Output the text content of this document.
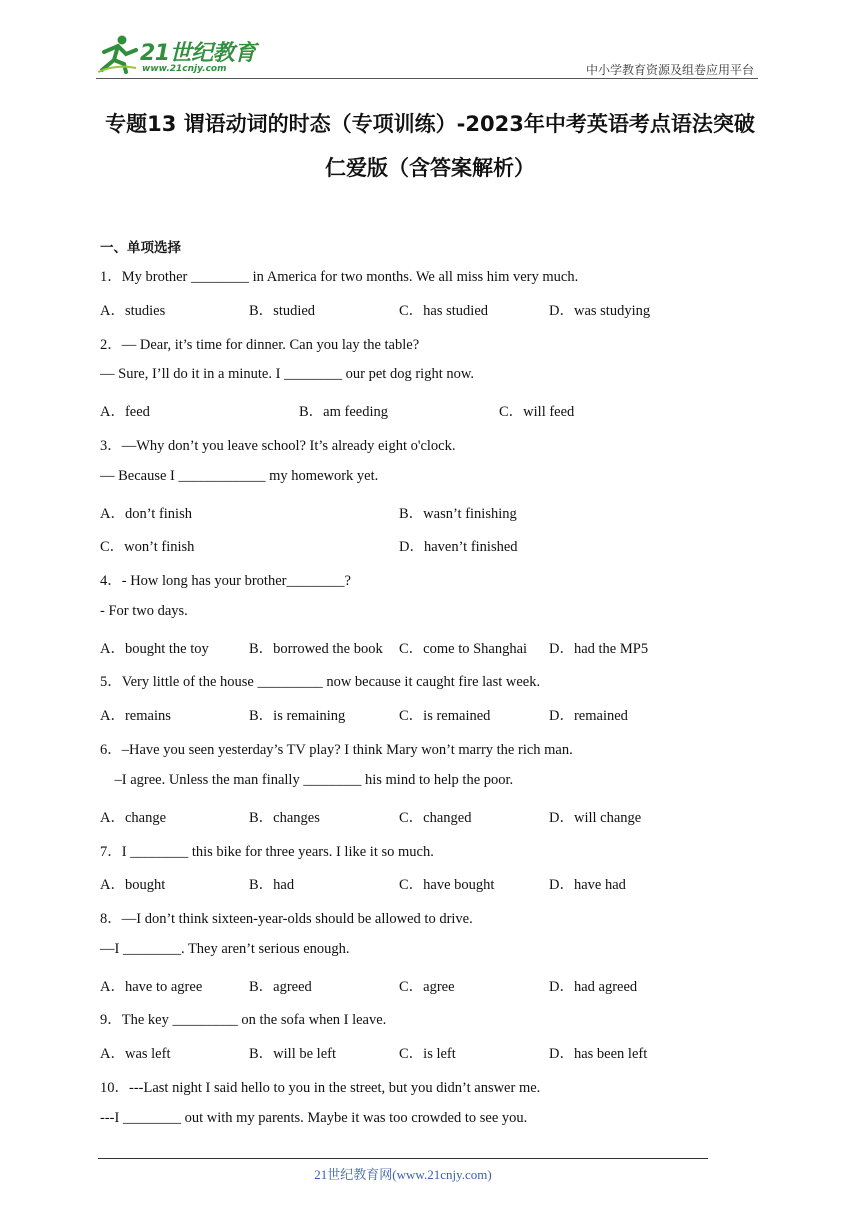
21世纪教育
www.21cnjy.com	中小学教育资源及组卷应用平台
专题13 谓语动词的时态（专项训练）-2023年中考英语考点语法突破
仁爱版（含答案解析）
一、单项选择
1．My brother ________ in America for two months. We all miss him very much.
A．studies	B．studied	C．has studied	D．was studying
2．— Dear, it’s time for dinner. Can you lay the table?
— Sure, I’ll do it in a minute. I ________ our pet dog right now.
A．feed	B．am feeding	C．will feed
3．—Why don’t you leave school? It’s already eight o'clock.
— Because I ____________ my homework yet.
A．don’t finish	B．wasn’t finishing
C．won’t finish	D．haven’t finished
4．- How long has your brother________?
- For two days.
A．bought the toy	B．borrowed the book C．come to Shanghai D．had the MP5
5．Very little of the house _________ now because it caught fire last week.
A．remains	B．is remaining	C．is remained	D．remained
6．–Have you seen yesterday’s TV play? I think Mary won’t marry the rich man.
–I agree. Unless the man finally ________ his mind to help the poor.
A．change	B．changes	C．changed	D．will change
7．I ________ this bike for three years. I like it so much.
A．bought	B．had	C．have bought	D．have had
8．—I don’t think sixteen-year-olds should be allowed to drive.
—I ________. They aren’t serious enough.
A．have to agree	B．agreed	C．agree	D．had agreed
9．The key _________ on the sofa when I leave.
A．was left	B．will be left	C．is left	D．has been left
10．---Last night I said hello to you in the street, but you didn’t answer me.
---I ________ out with my parents. Maybe it was too crowded to see you.
21世纪教育网(www.21cnjy.com)
